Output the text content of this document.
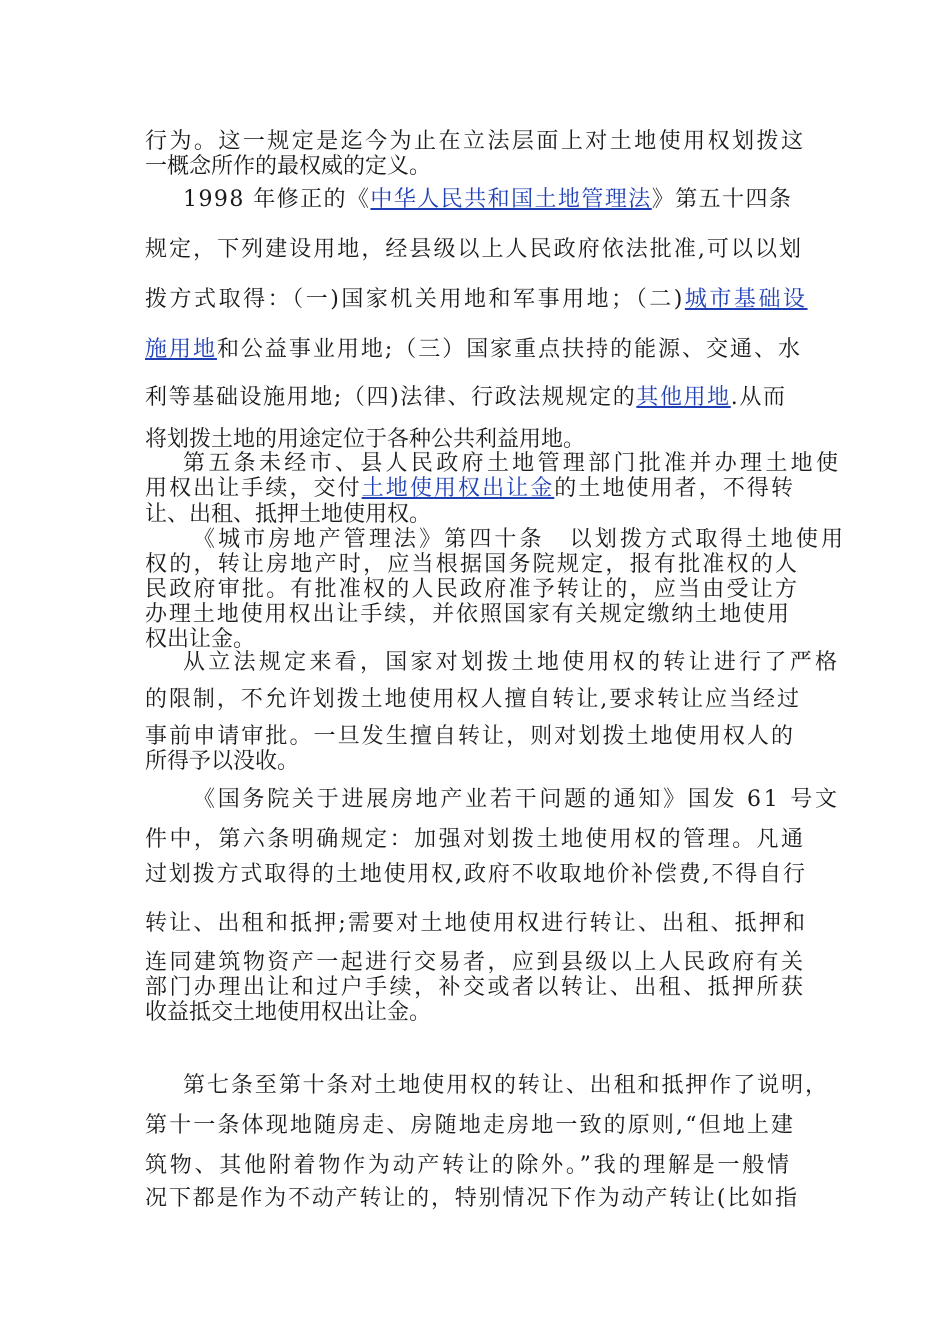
行为。这一规定是迄今为止在立法层面上对土地使用权划拨这
一概念所作的最权威的定义。
1998 年修正的《中华人民共和国土地管理法》第五十四条
规定，下列建设用地，经县级以上人民政府依法批准,可以以划
拨方式取得：（一)国家机关用地和军事用地；（二)城市基础设
施用地和公益事业用地;（三）国家重点扶持的能源、交通、水
利等基础设施用地;（四)法律、行政法规规定的其他用地.从而
将划拨土地的用途定位于各种公共利益用地。
第五条未经市、县人民政府土地管理部门批准并办理土地使
用权出让手续，交付土地使用权出让金的土地使用者，不得转
让、出租、抵押土地使用权。
《城市房地产管理法》第四十条　以划拨方式取得土地使用
权的，转让房地产时，应当根据国务院规定，报有批准权的人
民政府审批。有批准权的人民政府准予转让的，应当由受让方
办理土地使用权出让手续，并依照国家有关规定缴纳土地使用
权出让金。
从立法规定来看，国家对划拨土地使用权的转让进行了严格
的限制，不允许划拨土地使用权人擅自转让,要求转让应当经过
事前申请审批。一旦发生擅自转让，则对划拨土地使用权人的
所得予以没收。
《国务院关于进展房地产业若干问题的通知》国发 61 号文
件中，第六条明确规定：加强对划拨土地使用权的管理。凡通
过划拨方式取得的土地使用权,政府不收取地价补偿费,不得自行
转让、出租和抵押;需要对土地使用权进行转让、出租、抵押和
连同建筑物资产一起进行交易者，应到县级以上人民政府有关
部门办理出让和过户手续，补交或者以转让、出租、抵押所获
收益抵交土地使用权出让金。
第七条至第十条对土地使用权的转让、出租和抵押作了说明，
第十一条体现地随房走、房随地走房地一致的原则,“但地上建
筑物、其他附着物作为动产转让的除外。”我的理解是一般情
况下都是作为不动产转让的，特别情况下作为动产转让(比如指
